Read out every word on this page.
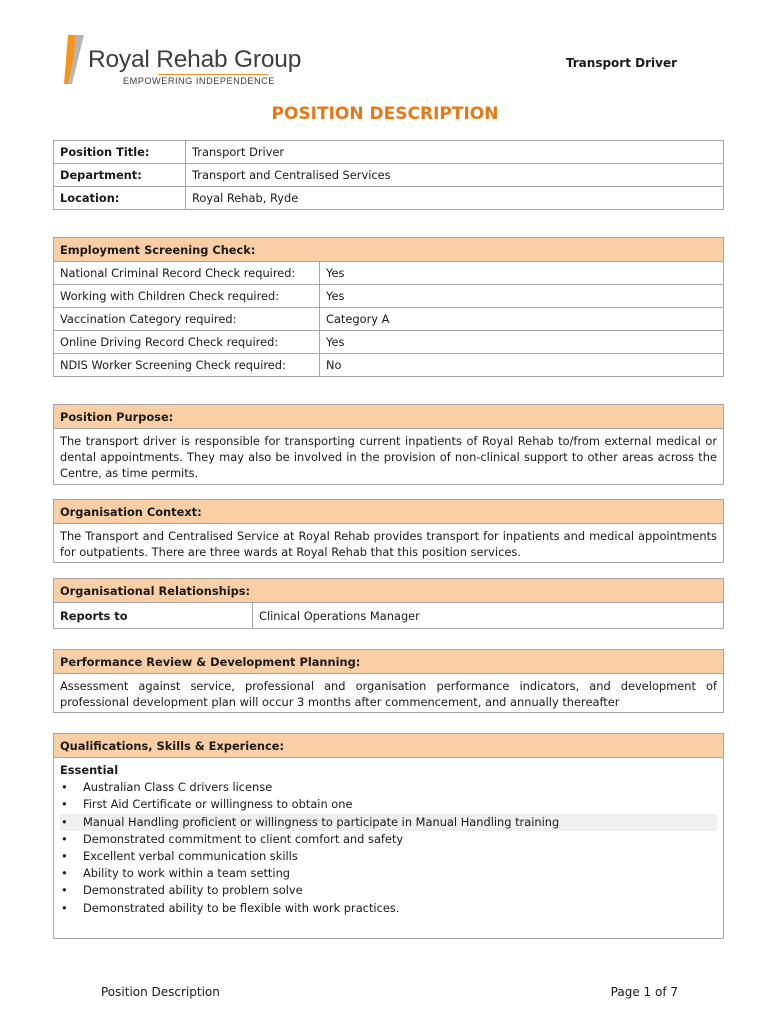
Royal Rehab Group
EMPOWERING INDEPENDENCE
Transport Driver
POSITION DESCRIPTION
Position Title:	Transport Driver
Department:	Transport and Centralised Services
Location:	Royal Rehab, Ryde
Employment Screening Check:	
National Criminal Record Check required:	Yes
Working with Children Check required:	Yes
Vaccination Category required:	Category A
Online Driving Record Check required:	Yes
NDIS Worker Screening Check required:	No
Position Purpose:
The transport driver is responsible for transporting current inpatients of Royal Rehab to/from external medical or dental appointments. They may also be involved in the provision of non-clinical support to other areas across the Centre, as time permits.
Organisation Context:
The Transport and Centralised Service at Royal Rehab provides transport for inpatients and medical appointments for outpatients. There are three wards at Royal Rehab that this position services.
Organisational Relationships:
Reports to	Clinical Operations Manager
Performance Review & Development Planning:
Assessment against service, professional and organisation performance indicators, and development of professional development plan will occur 3 months after commencement, and annually thereafter
Qualifications, Skills & Experience:

Essential
• Australian Class C drivers license
• First Aid Certificate or willingness to obtain one
• Manual Handling proficient or willingness to participate in Manual Handling training
• Demonstrated commitment to client comfort and safety
• Excellent verbal communication skills
• Ability to work within a team setting
• Demonstrated ability to problem solve
• Demonstrated ability to be flexible with work practices.
Position Description	Page 1 of 7
